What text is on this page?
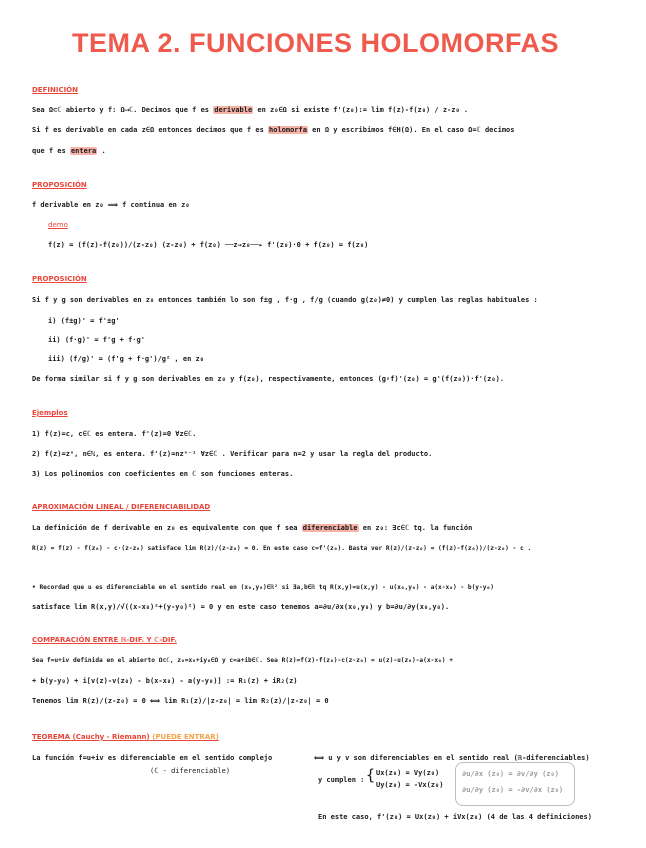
TEMA 2. FUNCIONES HOLOMORFAS
DEFINICIÓN
Sea Ω⊂ℂ abierto y f: Ω⟶ℂ. Decimos que f es derivable en z₀∈Ω si existe f'(z₀):= lim f(z)-f(z₀) / z-z₀ .
Si f es derivable en cada z∈Ω entonces decimos que f es holomorfa en Ω y escribimos f∈H(Ω). En el caso Ω=ℂ decimos
que f es entera .
PROPOSICIÓN
f derivable en z₀ ⟹ f continua en z₀
demo
f(z) = (f(z)-f(z₀))/(z-z₀) (z-z₀) + f(z₀) ──z→z₀──▸ f'(z₀)·0 + f(z₀) = f(z₀)
PROPOSICIÓN
Si f y g son derivables en z₀ entonces también lo son f±g , f·g , f/g (cuando g(z₀)≠0) y cumplen las reglas habituales :
i) (f±g)' = f'±g'
ii) (f·g)' = f'g + f·g'
iii) (f/g)' = (f'g + f·g')/g² , en z₀
De forma similar si f y g son derivables en z₀ y f(z₀), respectivamente, entonces (g∘f)'(z₀) = g'(f(z₀))·f'(z₀).
Ejemplos
1) f(z)=c, c∈ℂ es entera. f'(z)=0 ∀z∈ℂ.
2) f(z)=zⁿ, n∈ℕ, es entera. f'(z)=nzⁿ⁻¹ ∀z∈ℂ . Verificar para n=2 y usar la regla del producto.
3) Los polinomios con coeficientes en ℂ son funciones enteras.
APROXIMACIÓN LINEAL / DIFERENCIABILIDAD
La definición de f derivable en z₀ es equivalente con que f sea diferenciable en z₀: ∃c∈ℂ tq. la función
R(z) = f(z) - f(z₀) - c·(z-z₀) satisface lim R(z)/(z-z₀) = 0. En este caso c=f'(z₀). Basta ver R(z)/(z-z₀) = (f(z)-f(z₀))/(z-z₀) - c .
• Recordad que u es diferenciable en el sentido real en (x₀,y₀)∈ℝ² si ∃a,b∈ℝ tq R(x,y)=u(x,y) - u(x₀,y₀) - a(x-x₀) - b(y-y₀)
satisface lim R(x,y)/√((x-x₀)²+(y-y₀)²) = 0 y en este caso tenemos a=∂u/∂x(x₀,y₀) y b=∂u/∂y(x₀,y₀).
COMPARACIÓN ENTRE ℝ-DIF. Y ℂ-DIF.
Sea f=u+iv definida en el abierto Ω⊂ℂ, z₀=x₀+iy₀∈Ω y c=a+ib∈ℂ. Sea R(z)=f(z)-f(z₀)-c(z-z₀) = u(z)-u(z₀)-a(x-x₀) +
+ b(y-y₀) + i[v(z)-v(z₀) - b(x-x₀) - a(y-y₀)] := R₁(z) + iR₂(z)
Tenemos lim R(z)/(z-z₀) = 0 ⟺ lim R₁(z)/|z-z₀| = lim R₂(z)/|z-z₀| = 0
TEOREMA (Cauchy - Riemann) (PUEDE ENTRAR)
La función f=u+iv es diferenciable en el sentido complejo	⟺ u y v son diferenciables en el sentido real (ℝ-diferenciables)
(ℂ - diferenciable)
y cumplen : { Ux(z₀) = Vy(z₀)
Uy(z₀) = -Vx(z₀)
∂u/∂x (z₀) = ∂v/∂y (z₀)
∂u/∂y (z₀) = -∂v/∂x (z₀)
En este caso, f'(z₀) = Ux(z₀) + iVx(z₀) (4 de las 4 definiciones)
